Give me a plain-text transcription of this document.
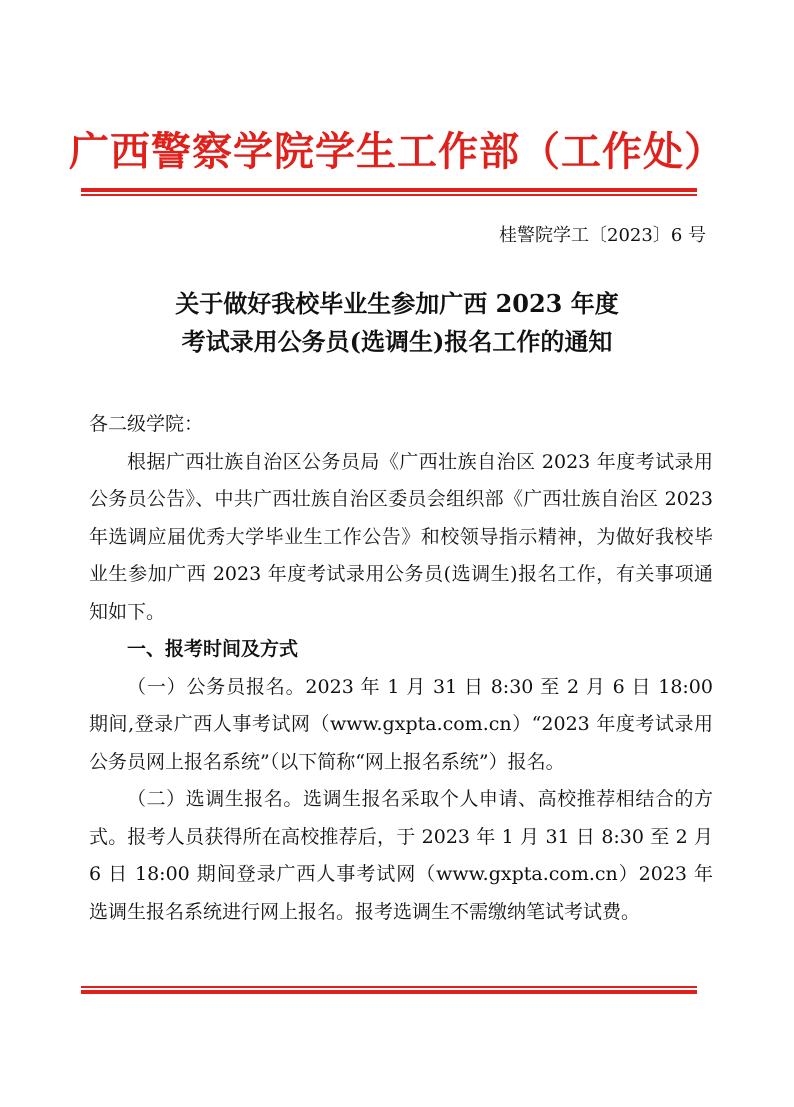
广西警察学院学生工作部（工作处）
桂警院学工〔2023〕6 号
关于做好我校毕业生参加广西 2023 年度
考试录用公务员(选调生)报名工作的通知

各二级学院：

根据广西壮族自治区公务员局《广西壮族自治区 2023 年度考试录用公务员公告》、中共广西壮族自治区委员会组织部《广西壮族自治区 2023 年选调应届优秀大学毕业生工作公告》和校领导指示精神，为做好我校毕业生参加广西 2023 年度考试录用公务员(选调生)报名工作，有关事项通知如下。

一、报考时间及方式

（一）公务员报名。2023 年 1 月 31 日 8:30 至 2 月 6 日 18:00 期间,登录广西人事考试网（www.gxpta.com.cn）“2023 年度考试录用公务员网上报名系统”（以下简称“网上报名系统”）报名。

（二）选调生报名。选调生报名采取个人申请、高校推荐相结合的方式。报考人员获得所在高校推荐后，于 2023 年 1 月 31 日 8:30 至 2 月 6 日 18:00 期间登录广西人事考试网（www.gxpta.com.cn）2023 年选调生报名系统进行网上报名。报考选调生不需缴纳笔试考试费。
